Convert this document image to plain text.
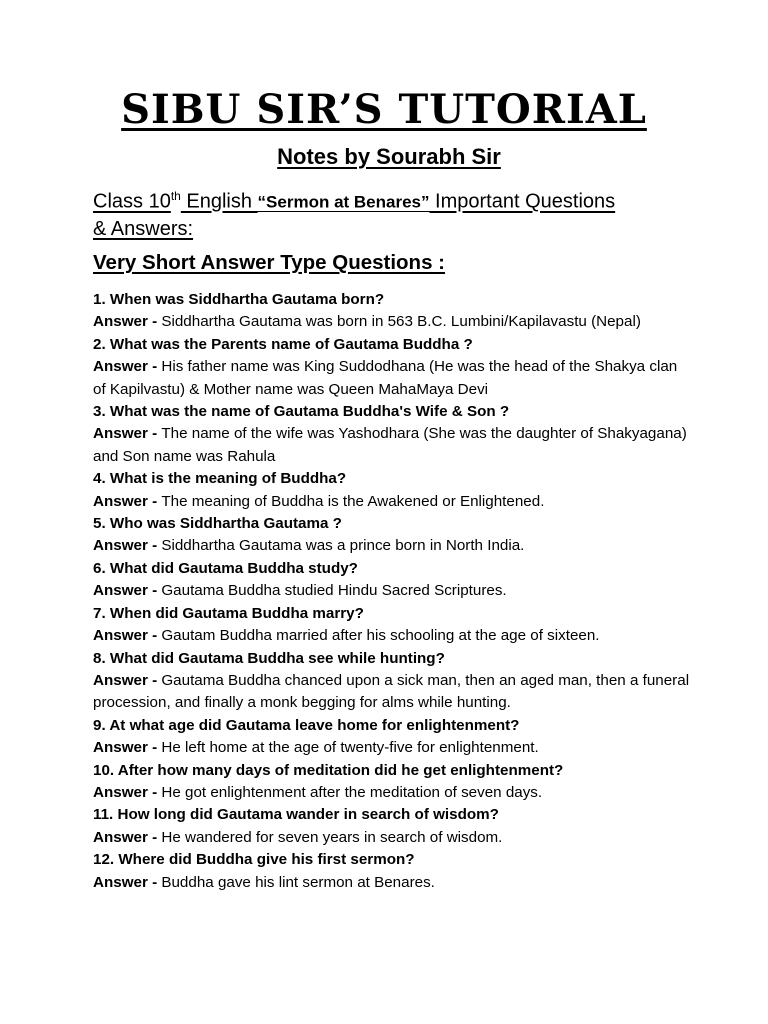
SIBU SIR’S TUTORIAL
Notes by Sourabh Sir
Class 10th English “Sermon at Benares” Important Questions
& Answers:
Very Short Answer Type Questions :

1. When was Siddhartha Gautama born?

Answer - Siddhartha Gautama was born in 563 B.C. Lumbini/Kapilavastu (Nepal)

2. What was the Parents name of Gautama Buddha ?

Answer - His father name was King Suddodhana (He was the head of the Shakya clan of Kapilvastu) & Mother name was Queen MahaMaya Devi

3. What was the name of Gautama Buddha's Wife & Son ?

Answer - The name of the wife was Yashodhara (She was the daughter of Shakyagana) and Son name was Rahula

4. What is the meaning of Buddha?

Answer - The meaning of Buddha is the Awakened or Enlightened.

5. Who was Siddhartha Gautama ?

Answer - Siddhartha Gautama was a prince born in North India.

6. What did Gautama Buddha study?

Answer - Gautama Buddha studied Hindu Sacred Scriptures.

7. When did Gautama Buddha marry?

Answer - Gautam Buddha married after his schooling at the age of sixteen.

8. What did Gautama Buddha see while hunting?

Answer - Gautama Buddha chanced upon a sick man, then an aged man, then a funeral procession, and finally a monk begging for alms while hunting.

9. At what age did Gautama leave home for enlightenment?

Answer - He left home at the age of twenty-five for enlightenment.

10. After how many days of meditation did he get enlightenment?

Answer - He got enlightenment after the meditation of seven days.

11. How long did Gautama wander in search of wisdom?

Answer - He wandered for seven years in search of wisdom.

12. Where did Buddha give his first sermon?

Answer - Buddha gave his lint sermon at Benares.
